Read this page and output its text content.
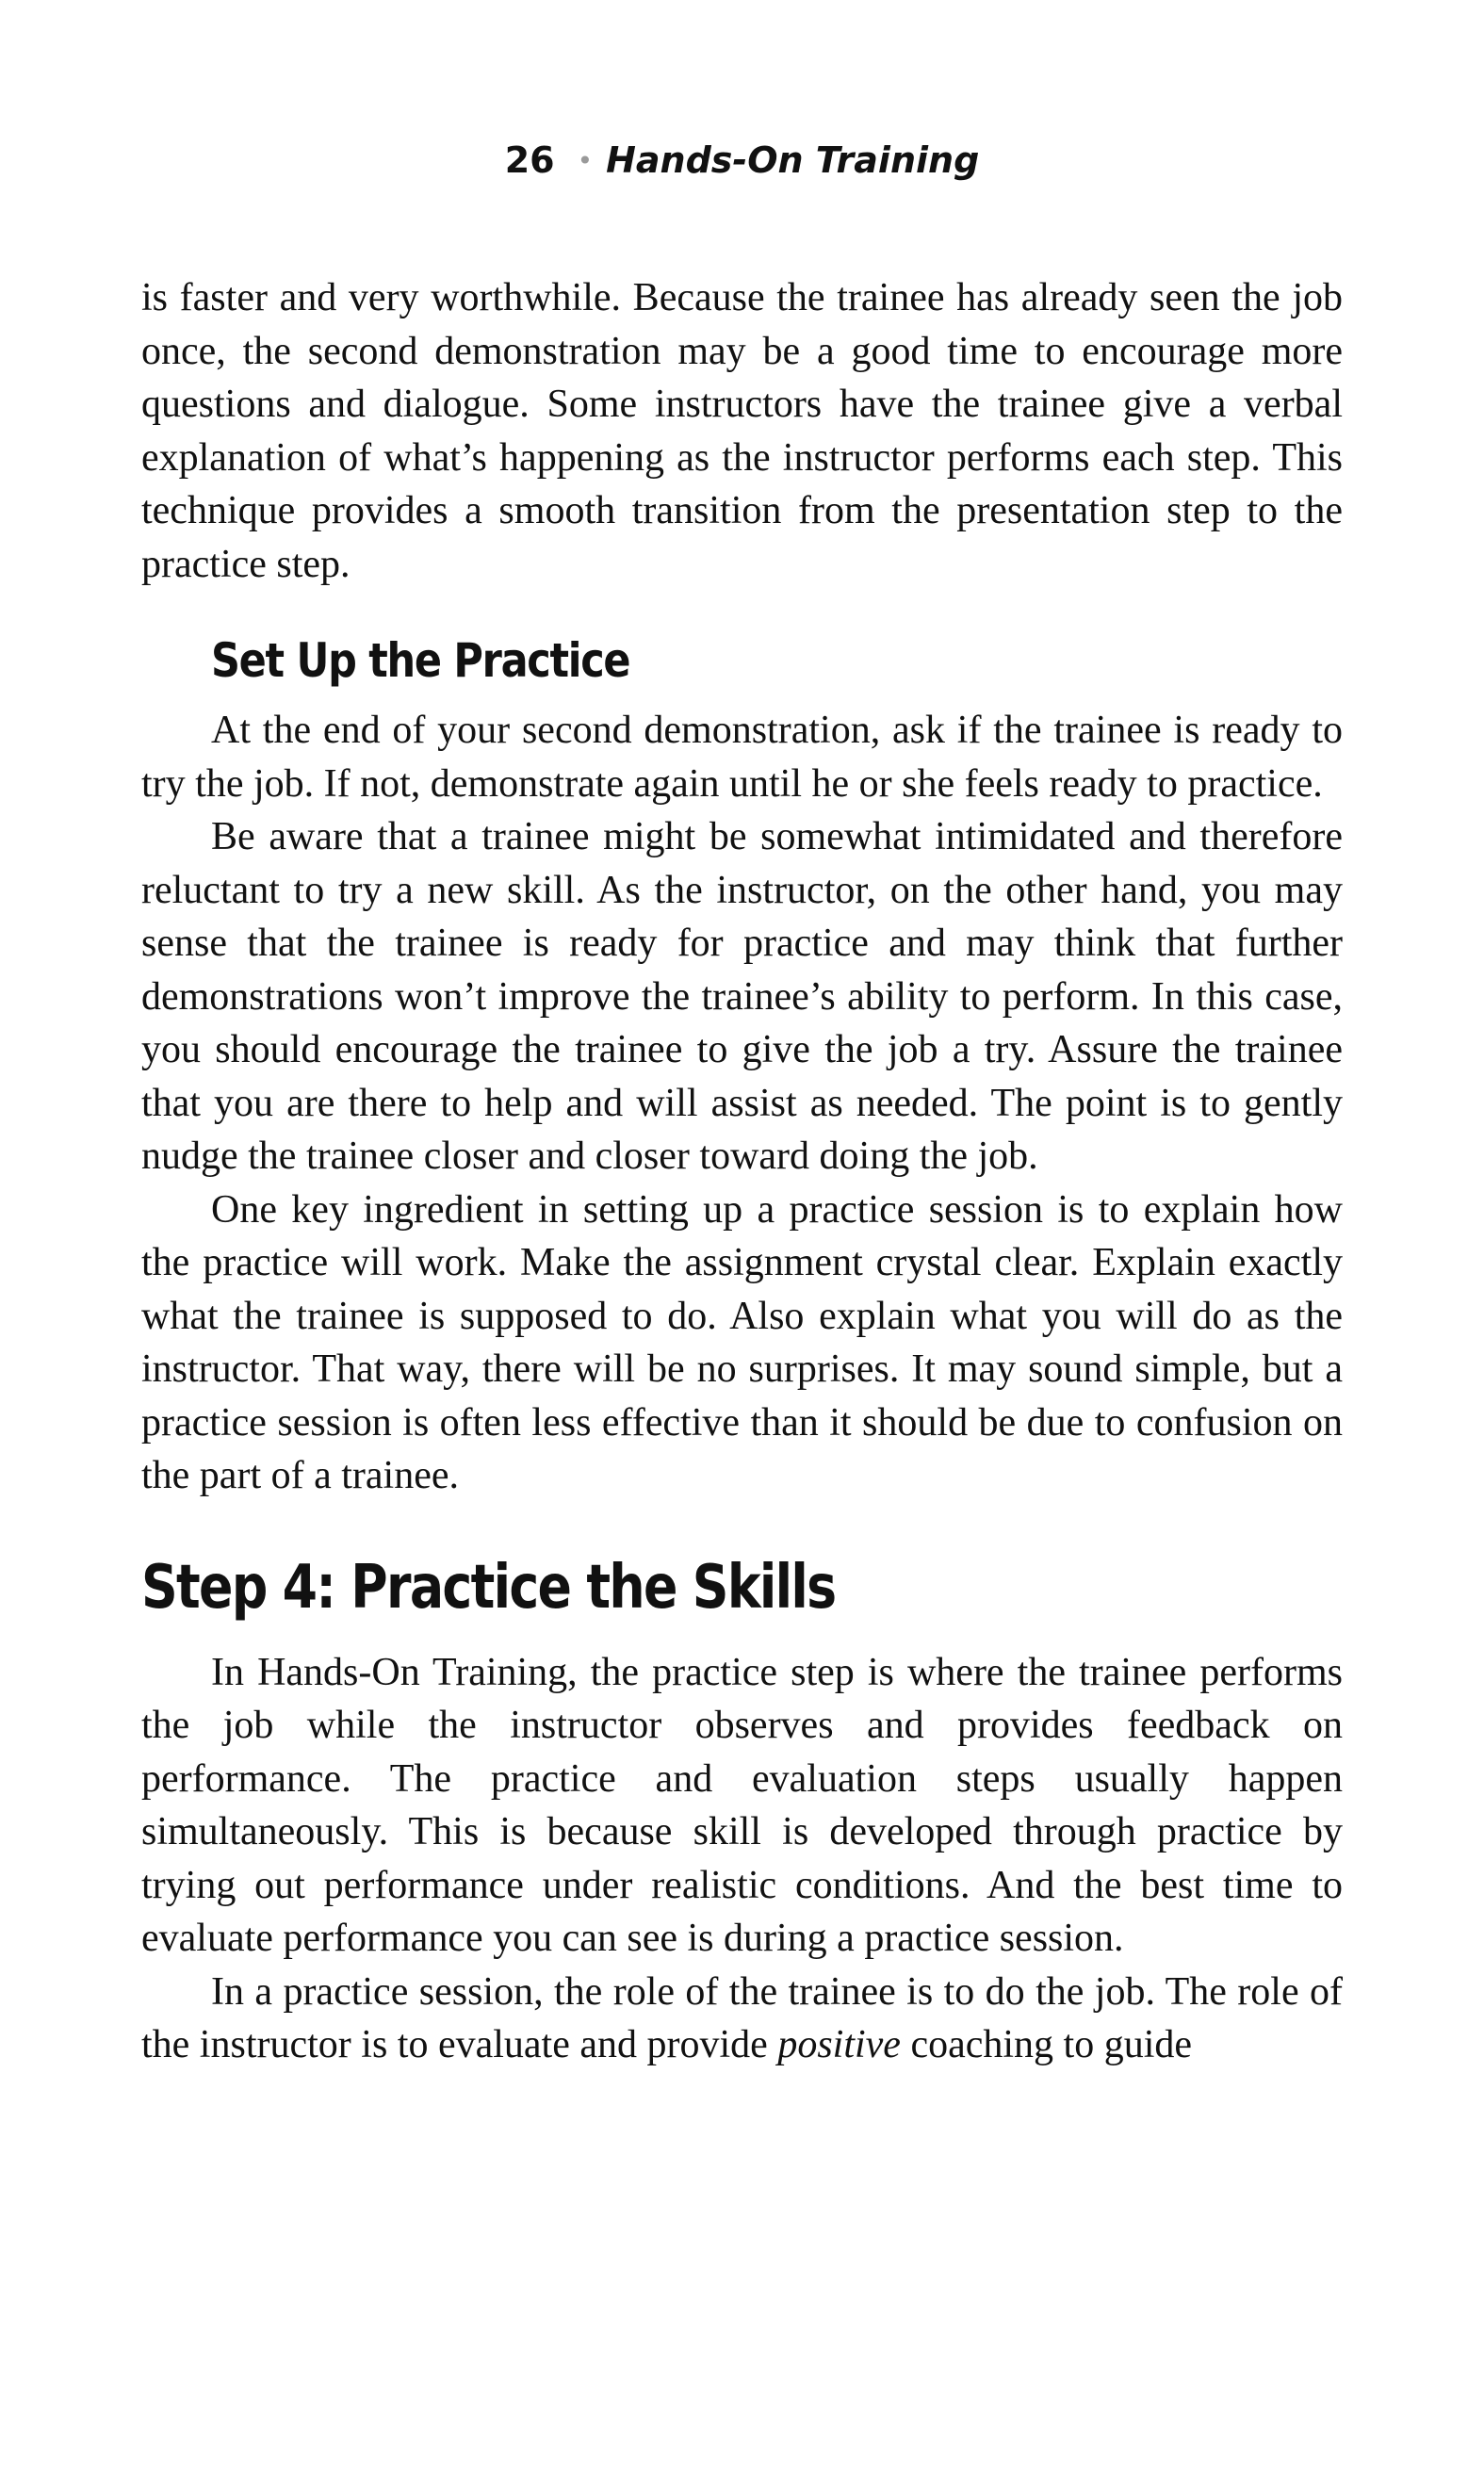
26 • Hands-On Training

is faster and very worthwhile. Because the trainee has already seen the job once, the second demonstration may be a good time to encourage more questions and dialogue. Some instructors have the trainee give a verbal explanation of what’s happening as the instructor performs each step. This technique provides a smooth transition from the presentation step to the practice step.

Set Up the Practice

At the end of your second demonstration, ask if the trainee is ready to try the job. If not, demonstrate again until he or she feels ready to practice.

Be aware that a trainee might be somewhat intimidated and therefore reluctant to try a new skill. As the instructor, on the other hand, you may sense that the trainee is ready for practice and may think that further demonstrations won’t improve the trainee’s ability to perform. In this case, you should encourage the trainee to give the job a try. Assure the trainee that you are there to help and will assist as needed. The point is to gently nudge the trainee closer and closer toward doing the job.

One key ingredient in setting up a practice session is to explain how the practice will work. Make the assignment crystal clear. Explain exactly what the trainee is supposed to do. Also explain what you will do as the instructor. That way, there will be no surprises. It may sound simple, but a practice session is often less effective than it should be due to confusion on the part of a trainee.

Step 4: Practice the Skills

In Hands-On Training, the practice step is where the trainee performs the job while the instructor observes and provides feedback on performance. The practice and evaluation steps usually happen simultaneously. This is because skill is developed through practice by trying out performance under realistic conditions. And the best time to evaluate performance you can see is during a practice session.

In a practice session, the role of the trainee is to do the job. The role of the instructor is to evaluate and provide positive coaching to guide
